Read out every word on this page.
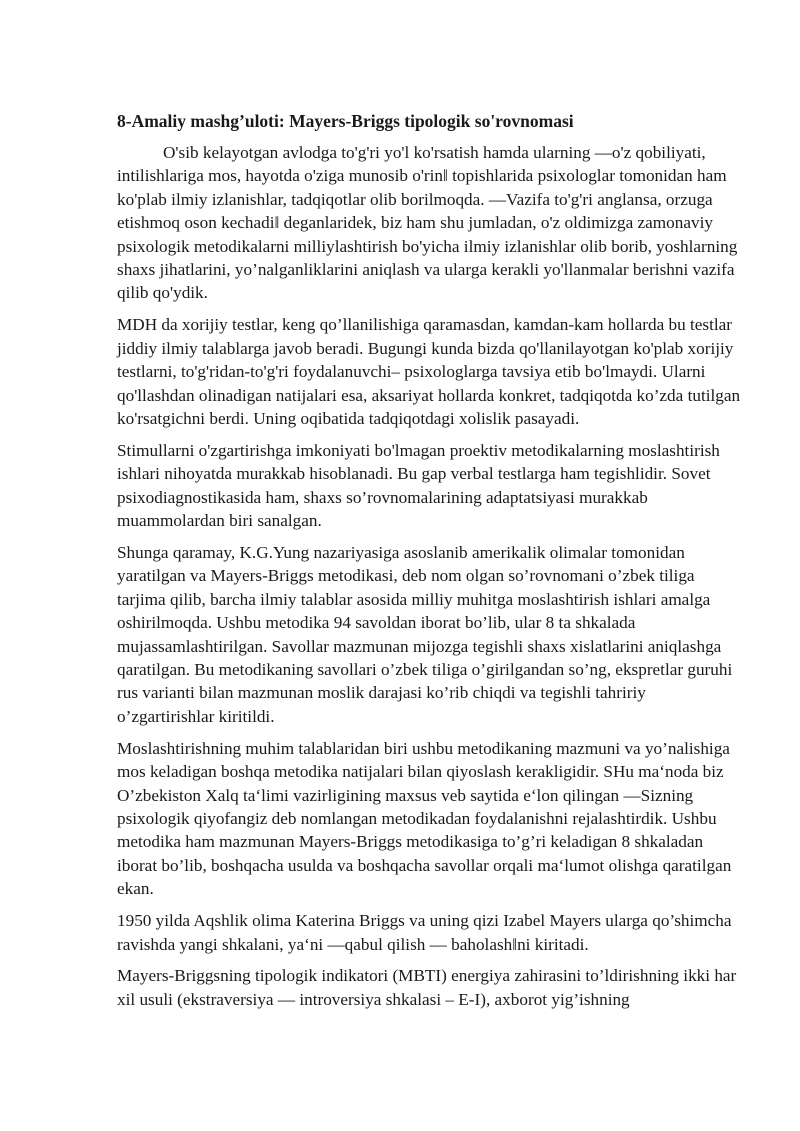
8-Amaliy mashg’uloti: Mayers-Briggs tipologik so'rovnomasi

O'sib kelayotgan avlodga to'g'ri yo'l ko'rsatish hamda ularning ―o'z qobiliyati, intilishlariga mos, hayotda o'ziga munosib o'rin‖ topishlarida psixologlar tomonidan ham ko'plab ilmiy izlanishlar, tadqiqotlar olib borilmoqda. ―Vazifa to'g'ri anglansa, orzuga etishmoq oson kechadi‖ deganlaridek, biz ham shu jumladan, o'z oldimizga zamonaviy psixologik metodikalarni milliylashtirish bo'yicha ilmiy izlanishlar olib borib, yoshlarning shaxs jihatlarini, yo’nalganliklarini aniqlash va ularga kerakli yo'llanmalar berishni vazifa qilib qo'ydik.

MDH da xorijiy testlar, keng qo’llanilishiga qaramasdan, kamdan-kam hollarda bu testlar jiddiy ilmiy talablarga javob beradi. Bugungi kunda bizda qo'llanilayotgan ko'plab xorijiy testlarni, to'g'ridan-to'g'ri foydalanuvchi– psixologlarga tavsiya etib bo'lmaydi. Ularni qo'llashdan olinadigan natijalari esa, aksariyat hollarda konkret, tadqiqotda ko’zda tutilgan ko'rsatgichni berdi. Uning oqibatida tadqiqotdagi xolislik pasayadi.

Stimullarni o'zgartirishga imkoniyati bo'lmagan proektiv metodikalarning moslashtirish ishlari nihoyatda murakkab hisoblanadi. Bu gap verbal testlarga ham tegishlidir. Sovet psixodiagnostikasida ham, shaxs so’rovnomalarining adaptatsiyasi murakkab muammolardan biri sanalgan.

Shunga qaramay, K.G.Yung nazariyasiga asoslanib amerikalik olimalar tomonidan yaratilgan va Mayers-Briggs metodikasi, deb nom olgan so’rovnomani o’zbek tiliga tarjima qilib, barcha ilmiy talablar asosida milliy muhitga moslashtirish ishlari amalga oshirilmoqda. Ushbu metodika 94 savoldan iborat bo’lib, ular 8 ta shkalada mujassamlashtirilgan. Savollar mazmunan mijozga tegishli shaxs xislatlarini aniqlashga qaratilgan. Bu metodikaning savollari o’zbek tiliga o’girilgandan so’ng, ekspretlar guruhi rus varianti bilan mazmunan moslik darajasi ko’rib chiqdi va tegishli tahririy o’zgartirishlar kiritildi.

Moslashtirishning muhim talablaridan biri ushbu metodikaning mazmuni va yo’nalishiga mos keladigan boshqa metodika natijalari bilan qiyoslash kerakligidir. SHu ma‘noda biz O’zbekiston Xalq ta‘limi vazirligining maxsus veb saytida e‘lon qilingan ―Sizning psixologik qiyofangiz deb nomlangan metodikadan foydalanishni rejalashtirdik. Ushbu metodika ham mazmunan Mayers-Briggs metodikasiga to’g’ri keladigan 8 shkaladan iborat bo’lib, boshqacha usulda va boshqacha savollar orqali ma‘lumot olishga qaratilgan ekan.

1950 yilda Aqshlik olima Katerina Briggs va uning qizi Izabel Mayers ularga qo’shimcha ravishda yangi shkalani, ya‘ni ―qabul qilish ― baholash‖ni kiritadi.

Mayers-Briggsning tipologik indikatori (MBTI) energiya zahirasini to’ldirishning ikki har xil usuli (ekstraversiya ― introversiya shkalasi – E-I), axborot yig’ishning
